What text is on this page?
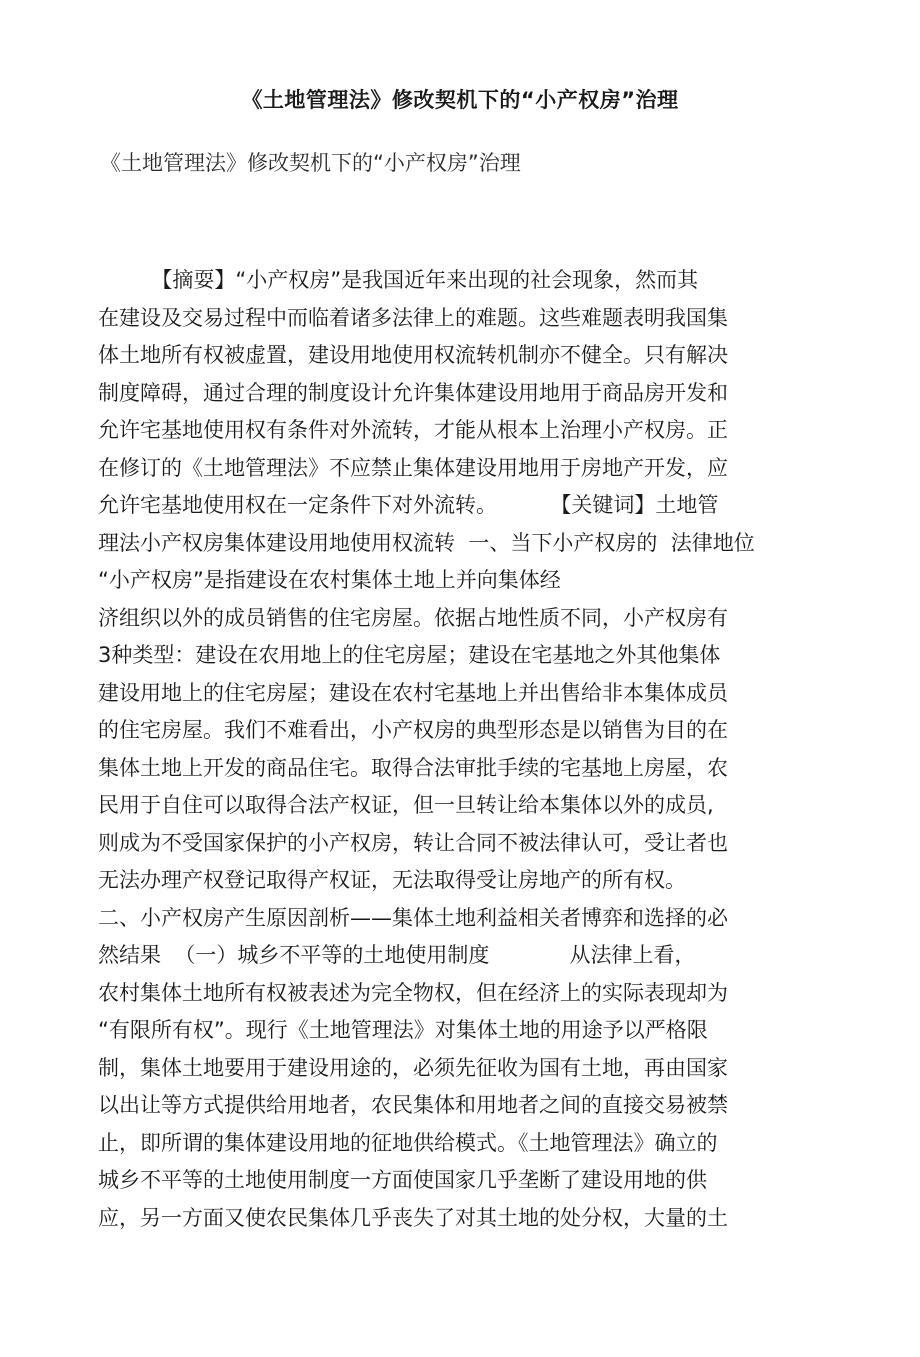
《土地管理法》修改契机下的“小产权房”治理
《土地管理法》修改契机下的“小产权房”治理
【摘耍】“小产权房”是我国近年来出现的社会现象，然而其
在建设及交易过程中而临着诸多法律上的难题。这些难题表明我国集
体土地所有权被虚置，建设用地使用权流转机制亦不健全。只有解决
制度障碍，通过合理的制度设计允许集体建设用地用于商品房开发和
允许宅基地使用权有条件对外流转，才能从根本上治理小产权房。正
在修订的《土地管理法》不应禁止集体建设用地用于房地产开发，应
允许宅基地使用权在一定条件下对外流转。        【关键词】土地管
理法小产权房集体建设用地使用权流转  一、当下小产权房的  法律地位
“小产权房”是指建设在农村集体土地上并向集体经
济组织以外的成员销售的住宅房屋。依据占地性质不同，小产权房有
3种类型：建设在农用地上的住宅房屋；建设在宅基地之外其他集体
建设用地上的住宅房屋；建设在农村宅基地上并出售给非本集体成员
的住宅房屋。我们不难看出，小产权房的典型形态是以销售为目的在
集体土地上开发的商品住宅。取得合法审批手续的宅基地上房屋，农
民用于自住可以取得合法产权证，但一旦转让给本集体以外的成员,
则成为不受国家保护的小产权房，转让合同不被法律认可，受让者也
无法办理产权登记取得产权证，无法取得受让房地产的所有权。
二、小产权房产生原因剖析——集体土地利益相关者博弈和选择的必
然结果  （一）城乡不平等的土地使用制度            从法律上看，
农村集体土地所有权被表述为完全物权，但在经济上的实际表现却为
“有限所有权”。现行《土地管理法》对集体土地的用途予以严格限
制，集体土地要用于建设用途的，必须先征收为国有土地，再由国家
以出让等方式提供给用地者，农民集体和用地者之间的直接交易被禁
止，即所谓的集体建设用地的征地供给模式。《土地管理法》确立的
城乡不平等的土地使用制度一方面使国家几乎垄断了建设用地的供
应，另一方面又使农民集体几乎丧失了对其土地的处分权，大量的土
